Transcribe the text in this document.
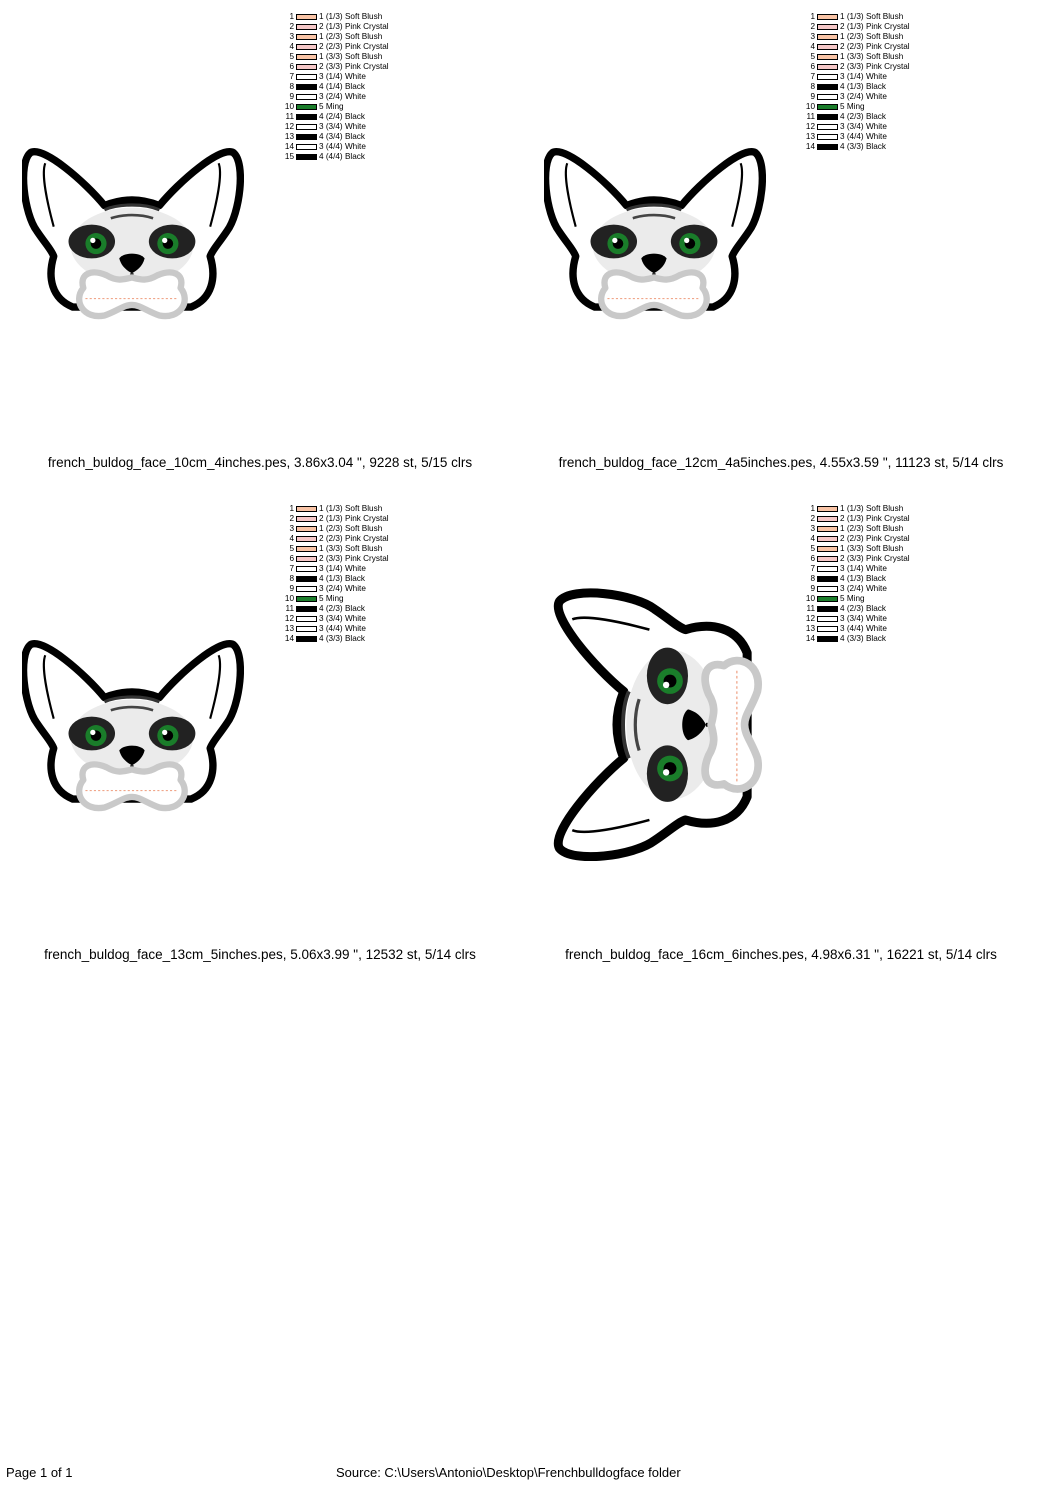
1	1 (1/3) Soft Blush
2	2 (1/3) Pink Crystal
3	1 (2/3) Soft Blush
4	2 (2/3) Pink Crystal
5	1 (3/3) Soft Blush
6	2 (3/3) Pink Crystal
7	3 (1/4) White
8	4 (1/4) Black
9	3 (2/4) White
10	5 Ming
11	4 (2/4) Black
12	3 (3/4) White
13	4 (3/4) Black
14	3 (4/4) White
15	4 (4/4) Black
french_buldog_face_10cm_4inches.pes, 3.86x3.04 ", 9228 st, 5/15 clrs
1	1 (1/3) Soft Blush
2	2 (1/3) Pink Crystal
3	1 (2/3) Soft Blush
4	2 (2/3) Pink Crystal
5	1 (3/3) Soft Blush
6	2 (3/3) Pink Crystal
7	3 (1/4) White
8	4 (1/3) Black
9	3 (2/4) White
10	5 Ming
11	4 (2/3) Black
12	3 (3/4) White
13	3 (4/4) White
14	4 (3/3) Black
french_buldog_face_12cm_4a5inches.pes, 4.55x3.59 ", 11123 st, 5/14 clrs
1	1 (1/3) Soft Blush
2	2 (1/3) Pink Crystal
3	1 (2/3) Soft Blush
4	2 (2/3) Pink Crystal
5	1 (3/3) Soft Blush
6	2 (3/3) Pink Crystal
7	3 (1/4) White
8	4 (1/3) Black
9	3 (2/4) White
10	5 Ming
11	4 (2/3) Black
12	3 (3/4) White
13	3 (4/4) White
14	4 (3/3) Black
french_buldog_face_13cm_5inches.pes, 5.06x3.99 ", 12532 st, 5/14 clrs
1	1 (1/3) Soft Blush
2	2 (1/3) Pink Crystal
3	1 (2/3) Soft Blush
4	2 (2/3) Pink Crystal
5	1 (3/3) Soft Blush
6	2 (3/3) Pink Crystal
7	3 (1/4) White
8	4 (1/3) Black
9	3 (2/4) White
10	5 Ming
11	4 (2/3) Black
12	3 (3/4) White
13	3 (4/4) White
14	4 (3/3) Black
french_buldog_face_16cm_6inches.pes, 4.98x6.31 ", 16221 st, 5/14 clrs
Page 1 of 1	Source: C:\Users\Antonio\Desktop\Frenchbulldogface folder
